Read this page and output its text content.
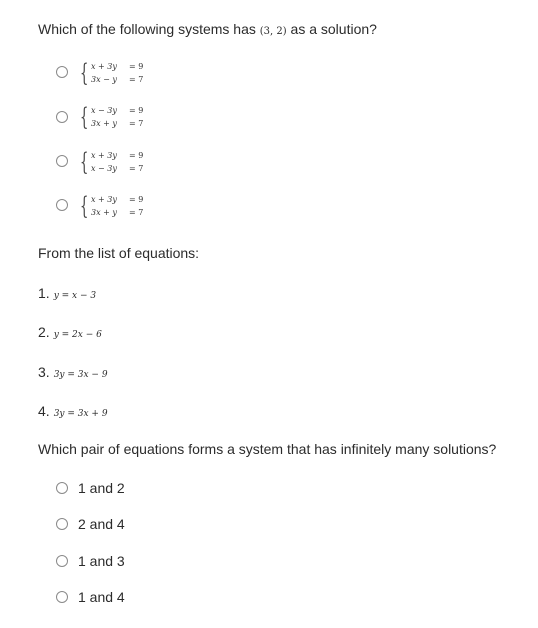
Which of the following systems has (3, 2) as a solution?
{ x + 3y	= 9
3x − y	= 7
{ x − 3y	= 9
3x + y	= 7
{ x + 3y	= 9
x − 3y	= 7
{ x + 3y	= 9
3x + y	= 7
From the list of equations:
1. y = x − 3
2. y = 2x − 6
3. 3y = 3x − 9
4. 3y = 3x + 9
Which pair of equations forms a system that has infinitely many solutions?
1 and 2
2 and 4
1 and 3
1 and 4
